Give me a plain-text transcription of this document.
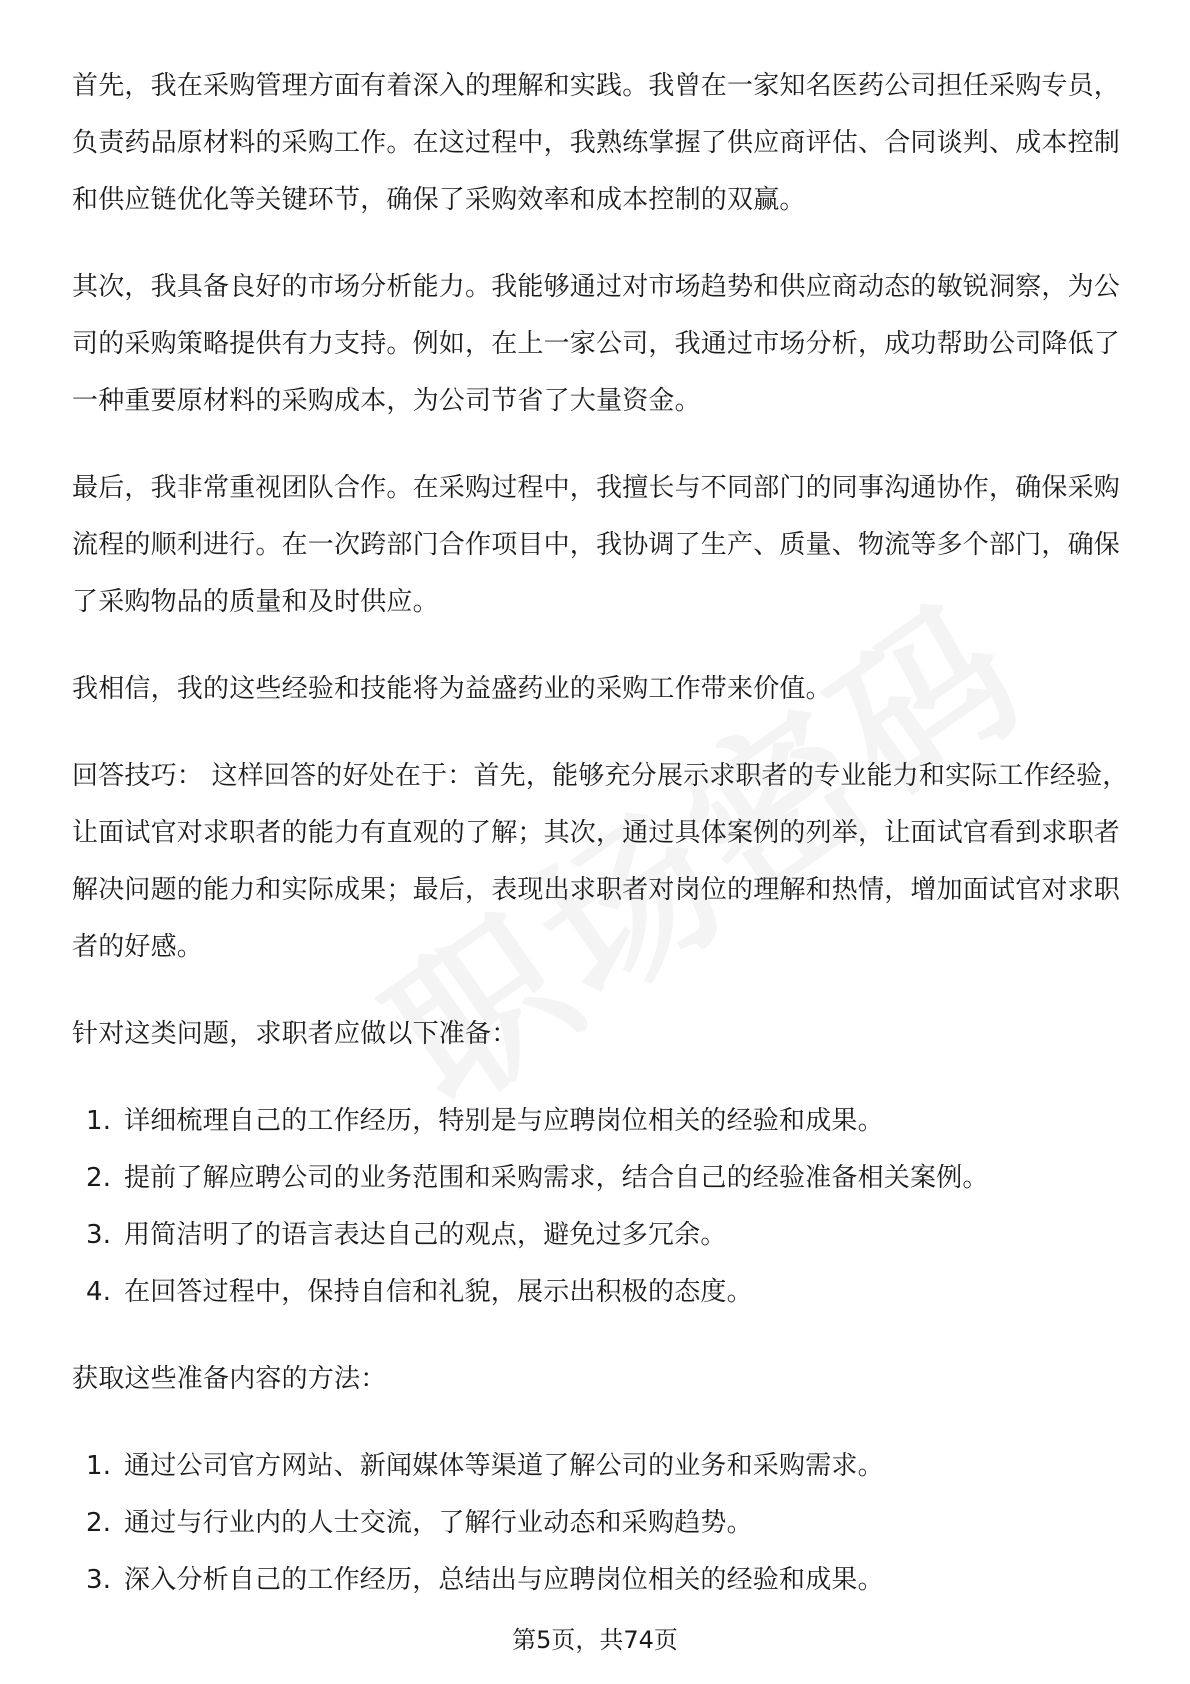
首先，我在采购管理方面有着深入的理解和实践。我曾在一家知名医药公司担任采购专员，负责药品原材料的采购工作。在这过程中，我熟练掌握了供应商评估、合同谈判、成本控制和供应链优化等关键环节，确保了采购效率和成本控制的双赢。

其次，我具备良好的市场分析能力。我能够通过对市场趋势和供应商动态的敏锐洞察，为公司的采购策略提供有力支持。例如，在上一家公司，我通过市场分析，成功帮助公司降低了一种重要原材料的采购成本，为公司节省了大量资金。

最后，我非常重视团队合作。在采购过程中，我擅长与不同部门的同事沟通协作，确保采购流程的顺利进行。在一次跨部门合作项目中，我协调了生产、质量、物流等多个部门，确保了采购物品的质量和及时供应。

我相信，我的这些经验和技能将为益盛药业的采购工作带来价值。

回答技巧： 这样回答的好处在于：首先，能够充分展示求职者的专业能力和实际工作经验，让面试官对求职者的能力有直观的了解；其次，通过具体案例的列举，让面试官看到求职者解决问题的能力和实际成果；最后，表现出求职者对岗位的理解和热情，增加面试官对求职者的好感。

针对这类问题，求职者应做以下准备：

1. 详细梳理自己的工作经历，特别是与应聘岗位相关的经验和成果。
2. 提前了解应聘公司的业务范围和采购需求，结合自己的经验准备相关案例。
3. 用简洁明了的语言表达自己的观点，避免过多冗余。
4. 在回答过程中，保持自信和礼貌，展示出积极的态度。

获取这些准备内容的方法：

1. 通过公司官方网站、新闻媒体等渠道了解公司的业务和采购需求。
2. 通过与行业内的人士交流，了解行业动态和采购趋势。
3. 深入分析自己的工作经历，总结出与应聘岗位相关的经验和成果。
第5页，共74页
